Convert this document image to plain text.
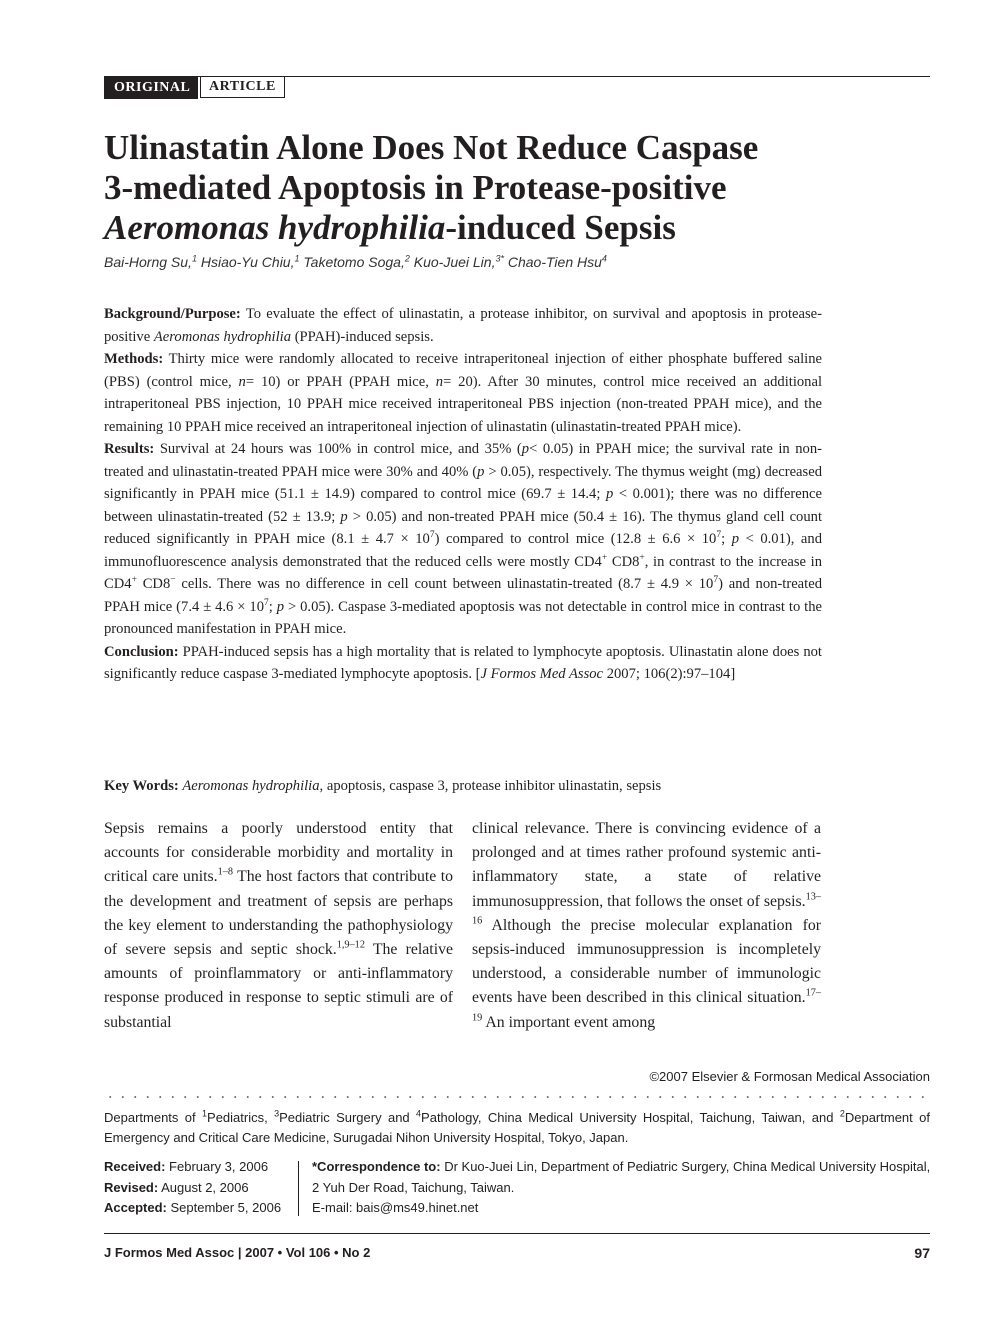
ORIGINAL	ARTICLE
Ulinastatin Alone Does Not Reduce Caspase
3-mediated Apoptosis in Protease-positive
Aeromonas hydrophilia-induced Sepsis
Bai-Horng Su,$^1$ Hsiao-Yu Chiu,$^1$ Taketomo Soga,$^2$ Kuo-Juei Lin,$^{3*}$ Chao-Tien Hsu$^4$

Background/Purpose: To evaluate the effect of ulinastatin, a protease inhibitor, on survival and apoptosis in protease-positive Aeromonas hydrophilia (PPAH)-induced sepsis.

Methods: Thirty mice were randomly allocated to receive intraperitoneal injection of either phosphate buffered saline (PBS) (control mice, n= 10) or PPAH (PPAH mice, n= 20). After 30 minutes, control mice received an additional intraperitoneal PBS injection, 10 PPAH mice received intraperitoneal PBS injection (non-treated PPAH mice), and the remaining 10 PPAH mice received an intraperitoneal injection of ulinastatin (ulinastatin-treated PPAH mice).

Results: Survival at 24 hours was 100% in control mice, and 35% (p< 0.05) in PPAH mice; the survival rate in non-treated and ulinastatin-treated PPAH mice were 30% and 40% (p > 0.05), respectively. The thymus weight (mg) decreased significantly in PPAH mice (51.1 ± 14.9) compared to control mice (69.7 ± 14.4; p < 0.001); there was no difference between ulinastatin-treated (52 ± 13.9; p > 0.05) and non-treated PPAH mice (50.4 ± 16). The thymus gland cell count reduced significantly in PPAH mice $(8.1 \pm 4.7 \times 10^7)$ compared to control mice ($12.8 \pm 6.6 \times 10^7$; p < 0.01), and immunofluorescence analysis demonstrated that the reduced cells were mostly CD4+ CD8+, in contrast to the increase in CD4+ CD8− cells. There was no difference in cell count between ulinastatin-treated $(8.7 \pm 4.9 \times 10^7)$ and non-treated PPAH mice ($7.4 \pm 4.6 \times 10^7$; p > 0.05). Caspase 3-mediated apoptosis was not detectable in control mice in contrast to the pronounced manifestation in PPAH mice.

Conclusion: PPAH-induced sepsis has a high mortality that is related to lymphocyte apoptosis. Ulinastatin alone does not significantly reduce caspase 3-mediated lymphocyte apoptosis. [J Formos Med Assoc 2007; 106(2):97–104]

Key Words: Aeromonas hydrophilia, apoptosis, caspase 3, protease inhibitor ulinastatin, sepsis
Sepsis remains a poorly understood entity that accounts for considerable morbidity and mortality in critical care units.$^{1-8}$ The host factors that contribute to the development and treatment of sepsis are perhaps the key element to understanding the pathophysiology of severe sepsis and septic shock.$^{1,9-12}$ The relative amounts of proinflammatory or anti-inflammatory response produced in response to septic stimuli are of substantial
clinical relevance. There is convincing evidence of a prolonged and at times rather profound systemic anti-inflammatory state, a state of relative immunosuppression, that follows the onset of sepsis.$^{13-16}$ Although the precise molecular explanation for sepsis-induced immunosuppression is incompletely understood, a considerable number of immunologic events have been described in this clinical situation.$^{17-19}$ An important event among
©2007 Elsevier & Formosan Medical Association
Departments of $^1$Pediatrics, $^3$Pediatric Surgery and $^4$Pathology, China Medical University Hospital, Taichung, Taiwan, and $^2$Department of Emergency and Critical Care Medicine, Surugadai Nihon University Hospital, Tokyo, Japan.
Received: February 3, 2006
Revised: August 2, 2006
Accepted: September 5, 2006
*Correspondence to: Dr Kuo-Juei Lin, Department of Pediatric Surgery, China Medical University Hospital,
2 Yuh Der Road, Taichung, Taiwan.
E-mail: bais@ms49.hinet.net
J Formos Med Assoc | 2007 • Vol 106 • No 2	97
